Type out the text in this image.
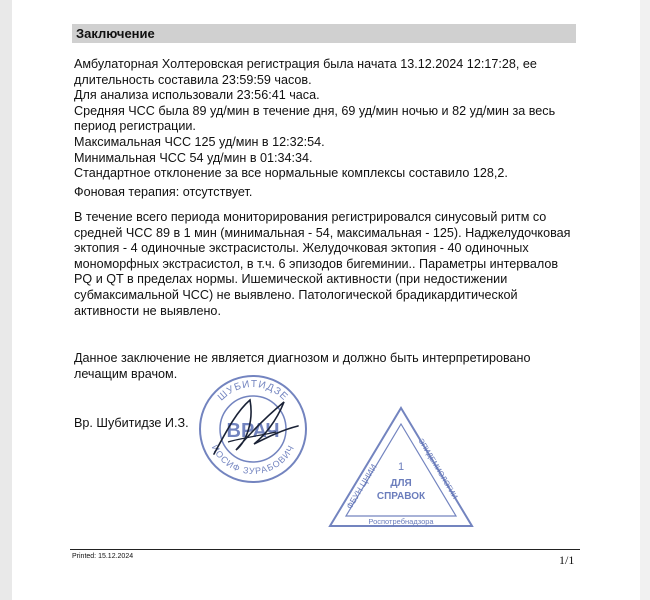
Заключение

Амбулаторная Холтеровская регистрация была начата 13.12.2024 12:17:28, ее

длительность составила 23:59:59 часов.

Для анализа использовали 23:56:41 часа.

Средняя ЧСС была 89 уд/мин в течение дня, 69 уд/мин ночью и 82 уд/мин за весь

период регистрации.

Максимальная ЧСС 125 уд/мин в 12:32:54.

Минимальная ЧСС 54 уд/мин в 01:34:34.

Стандартное отклонение за все нормальные комплексы составило 128,2.

Фоновая терапия: отсутствует.

В течение всего периода мониторирования регистрировался синусовый ритм со

средней ЧСС 89 в 1 мин (минимальная - 54, максимальная - 125). Наджелудочковая

эктопия - 4 одиночные экстрасистолы. Желудочковая эктопия - 40 одиночных

мономорфных экстрасистол, в т.ч. 6 эпизодов бигеминии.. Параметры интервалов

PQ и QT в пределах нормы. Ишемической активности (при недостижении

субмаксимальной ЧСС) не выявлено. Патологической брадикардитической

активности не выявлено.

Данное заключение не является диагнозом и должно быть интерпретировано

лечащим врачом.

Вр. Шубитидзе И.З.

ШУБИТИДЗЕ
ИОСИФ ЗУРАБОВИЧ
ВРАЧ
ФБУН ЦНИИ	ЭПИДЕМИОЛОГИИ
1
ДЛЯ
СПРАВОК
Роспотребнадзора
Printed: 15.12.2024	1/1
